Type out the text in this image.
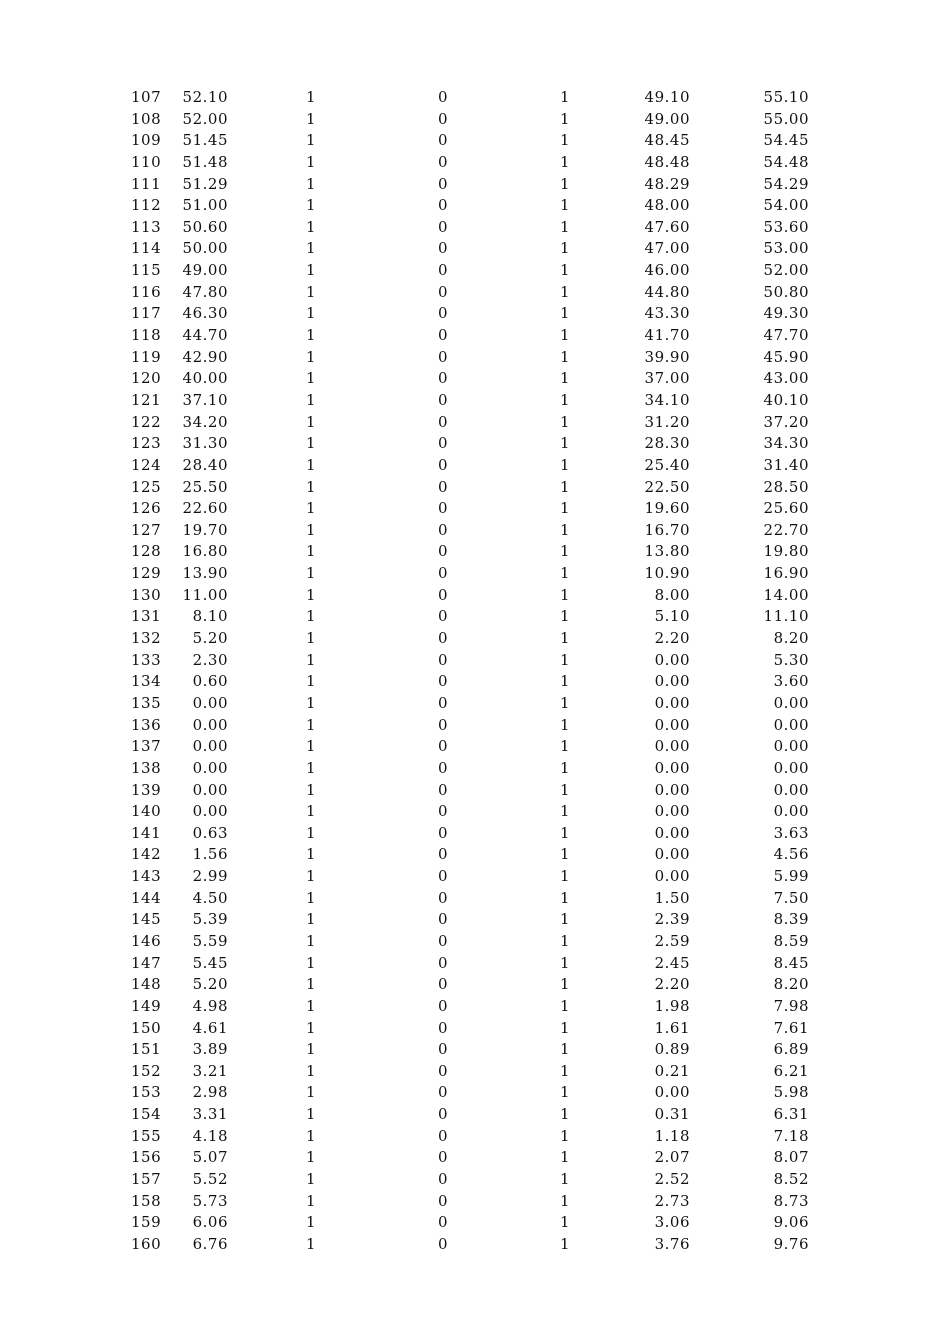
107 52.10	1	0	1	49.10	55.10
108 52.00	1	0	1	49.00	55.00
109 51.45	1	0	1	48.45	54.45
110 51.48	1	0	1	48.48	54.48
111 51.29	1	0	1	48.29	54.29
112 51.00	1	0	1	48.00	54.00
113 50.60	1	0	1	47.60	53.60
114 50.00	1	0	1	47.00	53.00
115 49.00	1	0	1	46.00	52.00
116 47.80	1	0	1	44.80	50.80
117 46.30	1	0	1	43.30	49.30
118 44.70	1	0	1	41.70	47.70
119 42.90	1	0	1	39.90	45.90
120 40.00	1	0	1	37.00	43.00
121 37.10	1	0	1	34.10	40.10
122 34.20	1	0	1	31.20	37.20
123 31.30	1	0	1	28.30	34.30
124 28.40	1	0	1	25.40	31.40
125 25.50	1	0	1	22.50	28.50
126 22.60	1	0	1	19.60	25.60
127 19.70	1	0	1	16.70	22.70
128 16.80	1	0	1	13.80	19.80
129 13.90	1	0	1	10.90	16.90
130 11.00	1	0	1	8.00	14.00
131 8.10	1	0	1	5.10	11.10
132 5.20	1	0	1	2.20	8.20
133 2.30	1	0	1	0.00	5.30
134 0.60	1	0	1	0.00	3.60
135 0.00	1	0	1	0.00	0.00
136 0.00	1	0	1	0.00	0.00
137 0.00	1	0	1	0.00	0.00
138 0.00	1	0	1	0.00	0.00
139 0.00	1	0	1	0.00	0.00
140 0.00	1	0	1	0.00	0.00
141 0.63	1	0	1	0.00	3.63
142 1.56	1	0	1	0.00	4.56
143 2.99	1	0	1	0.00	5.99
144 4.50	1	0	1	1.50	7.50
145 5.39	1	0	1	2.39	8.39
146 5.59	1	0	1	2.59	8.59
147 5.45	1	0	1	2.45	8.45
148 5.20	1	0	1	2.20	8.20
149 4.98	1	0	1	1.98	7.98
150 4.61	1	0	1	1.61	7.61
151 3.89	1	0	1	0.89	6.89
152 3.21	1	0	1	0.21	6.21
153 2.98	1	0	1	0.00	5.98
154 3.31	1	0	1	0.31	6.31
155 4.18	1	0	1	1.18	7.18
156 5.07	1	0	1	2.07	8.07
157 5.52	1	0	1	2.52	8.52
158 5.73	1	0	1	2.73	8.73
159 6.06	1	0	1	3.06	9.06
160 6.76	1	0	1	3.76	9.76
